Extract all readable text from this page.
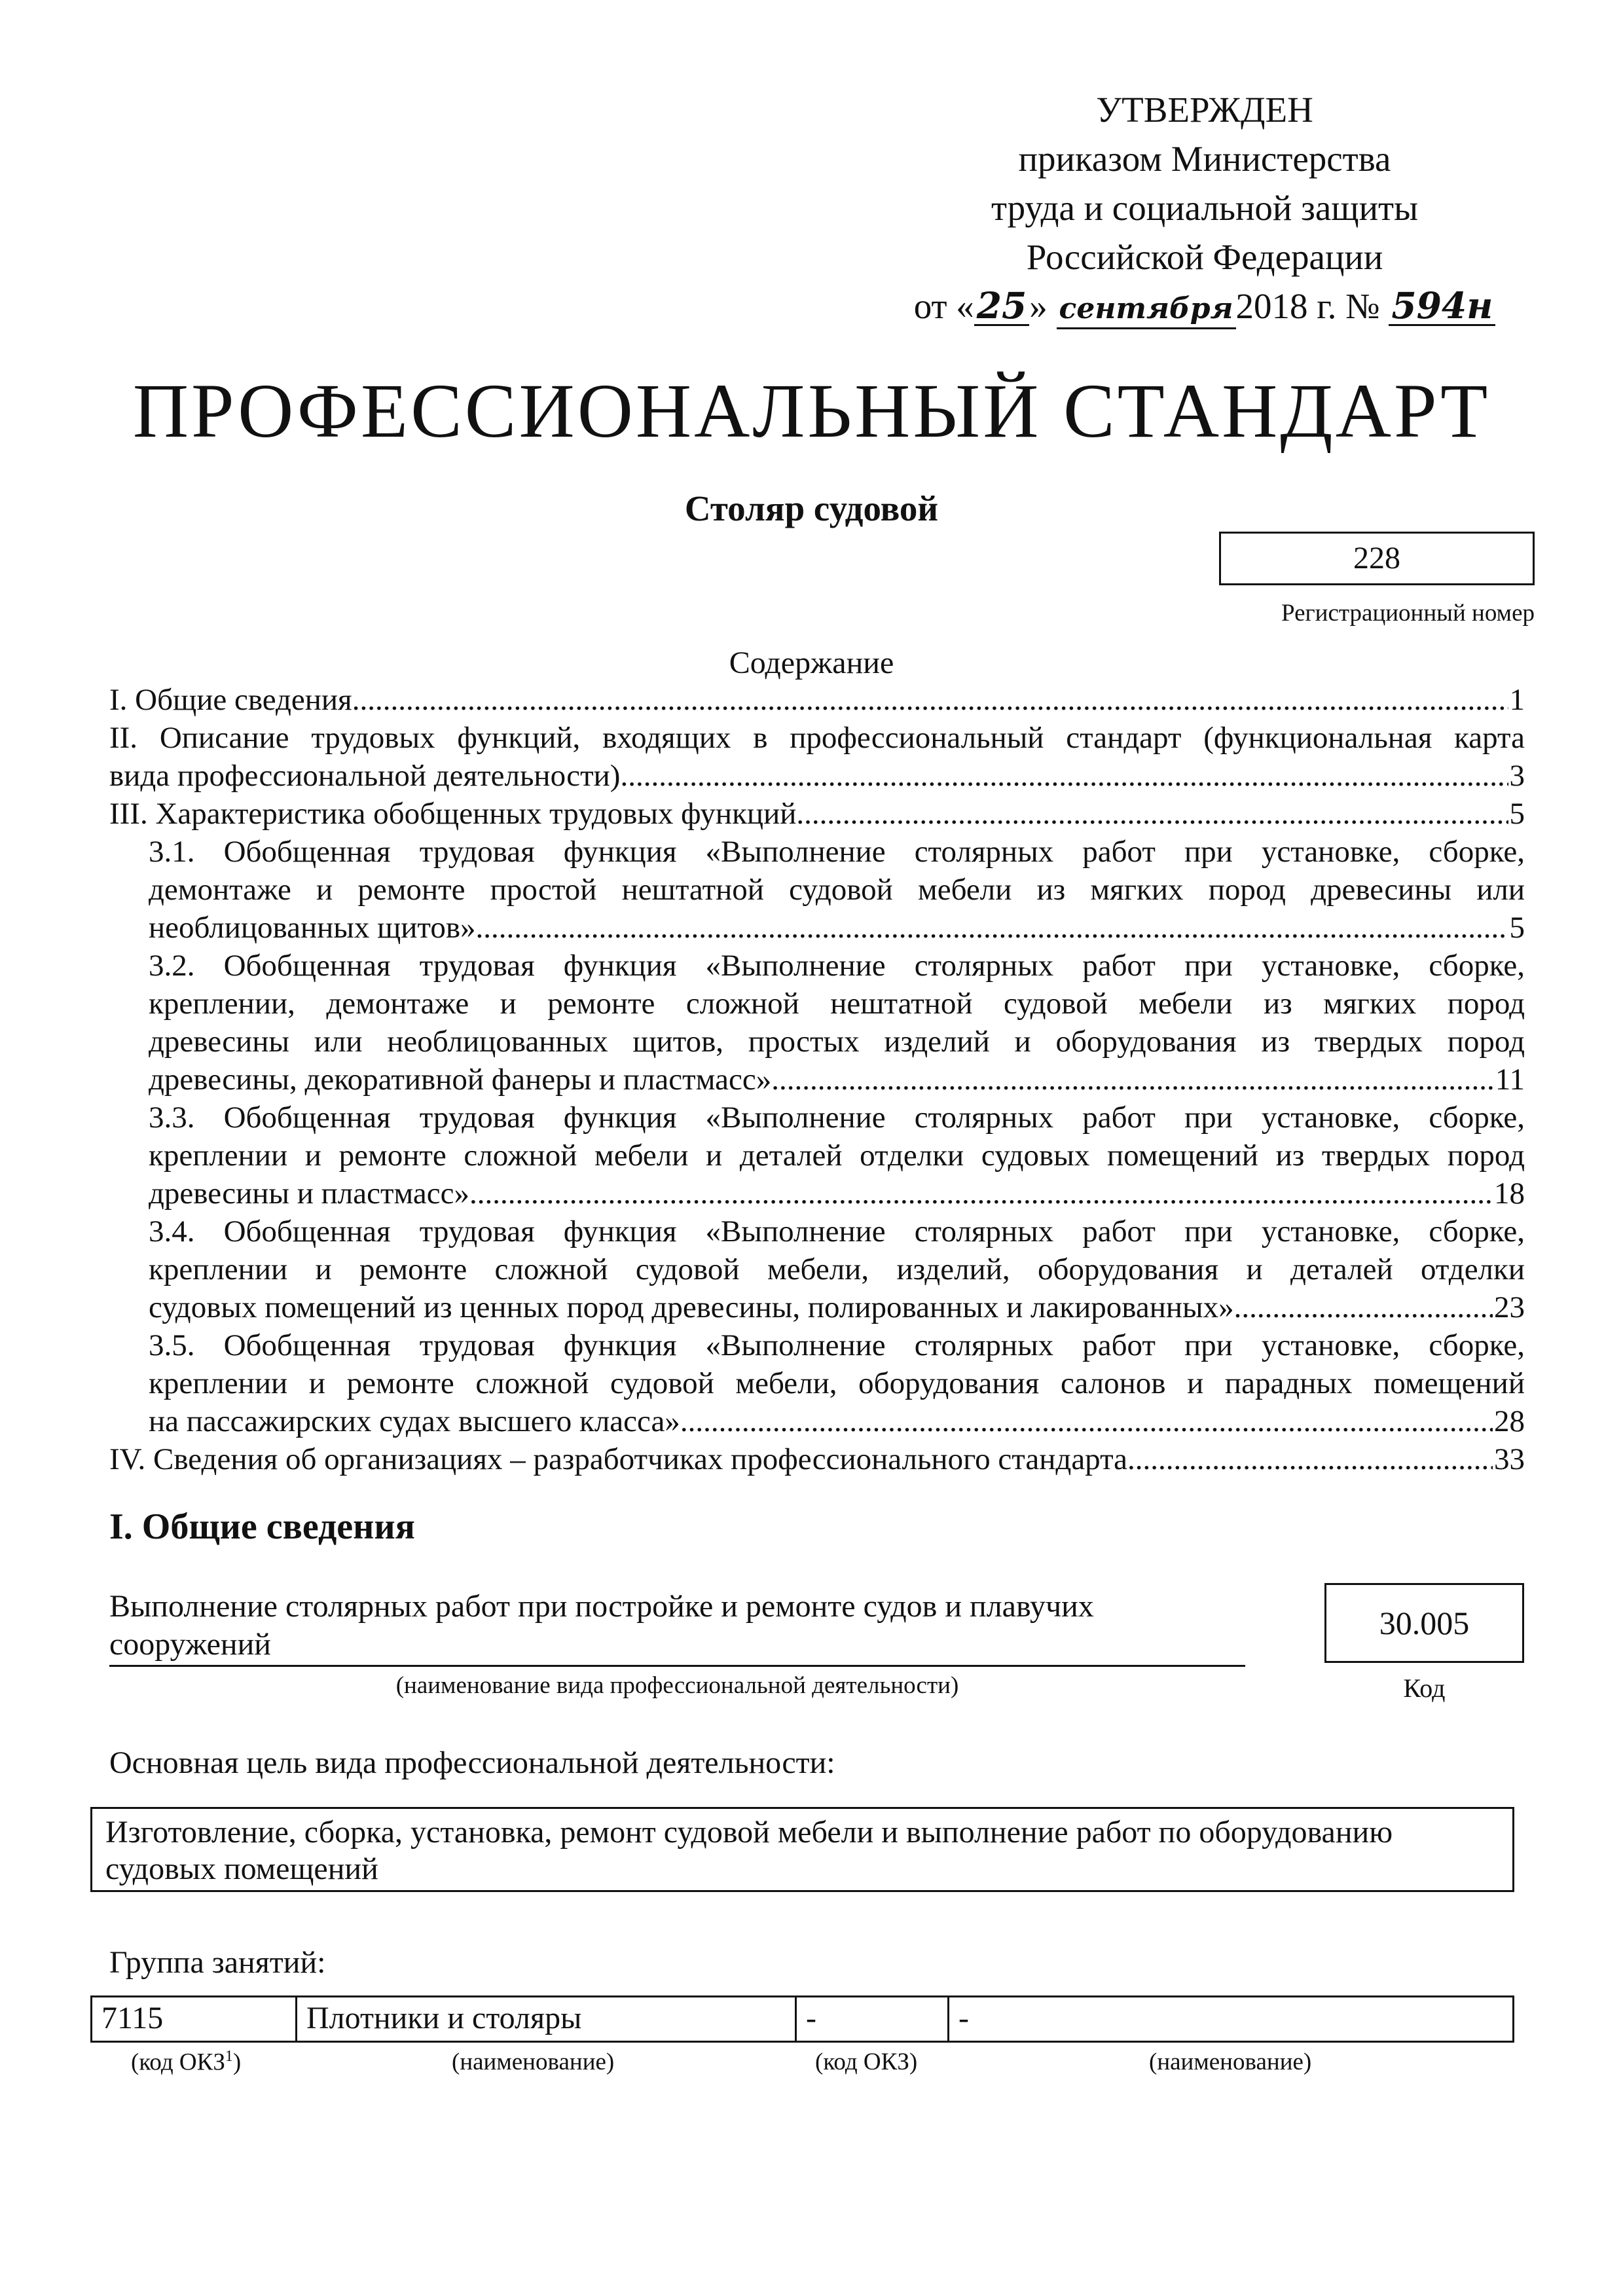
УТВЕРЖДЕН
приказом Министерства
труда и социальной защиты
Российской Федерации
от «25» сентября2018 г. № 594н
ПРОФЕССИОНАЛЬНЫЙ СТАНДАРТ
Столяр судовой
228
Регистрационный номер
Содержание
I. Общие сведения .....	1
II. Описание трудовых функций, входящих в профессиональный стандарт (функциональная карта
вида профессиональной деятельности) .....	3
III. Характеристика обобщенных трудовых функций .....	5
3.1. Обобщенная трудовая функция «Выполнение столярных работ при установке, сборке,
демонтаже и ремонте простой нештатной судовой мебели из мягких пород древесины или
необлицованных щитов» .....	5
3.2. Обобщенная трудовая функция «Выполнение столярных работ при установке, сборке,
креплении, демонтаже и ремонте сложной нештатной судовой мебели из мягких пород
древесины или необлицованных щитов, простых изделий и оборудования из твердых пород
древесины, декоративной фанеры и пластмасс» .....	11
3.3. Обобщенная трудовая функция «Выполнение столярных работ при установке, сборке,
креплении и ремонте сложной мебели и деталей отделки судовых помещений из твердых пород
древесины и пластмасс» .....	18
3.4. Обобщенная трудовая функция «Выполнение столярных работ при установке, сборке,
креплении и ремонте сложной судовой мебели, изделий, оборудования и деталей отделки
судовых помещений из ценных пород древесины, полированных и лакированных» .....	23
3.5. Обобщенная трудовая функция «Выполнение столярных работ при установке, сборке,
креплении и ремонте сложной судовой мебели, оборудования салонов и парадных помещений
на пассажирских судах высшего класса» .....	28
IV. Сведения об организациях – разработчиках профессионального стандарта .....	33
I. Общие сведения
Выполнение столярных работ при постройке и ремонте судов и плавучих
сооружений
(наименование вида профессиональной деятельности)
30.005
Код
Основная цель вида профессиональной деятельности:
Изготовление, сборка, установка, ремонт судовой мебели и выполнение работ по оборудованию
судовых помещений
Группа занятий:
7115	Плотники и столяры	-	-
(код ОКЗ$^1$)	(наименование)	(код ОКЗ)	(наименование)
